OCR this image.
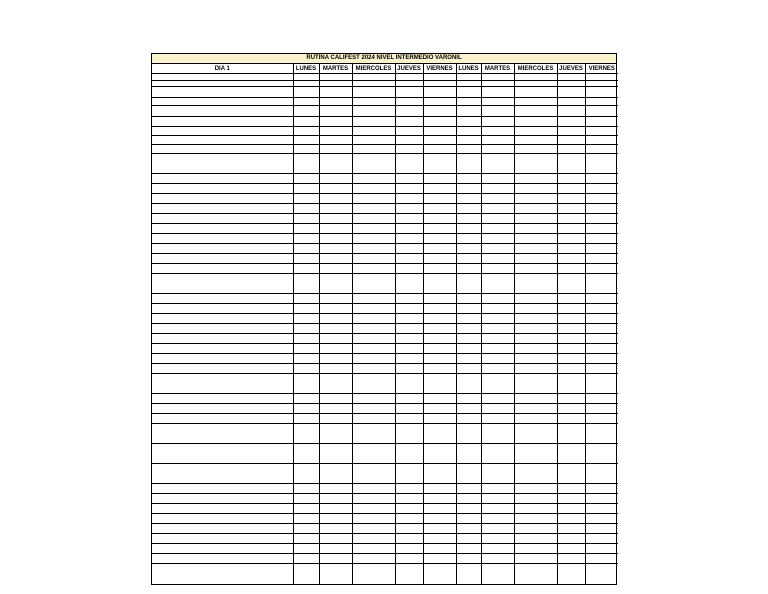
RUTINA CALIFEST 2024 NIVEL INTERMEDIO VARONIL
DIA 1	LUNES	MARTES	MIERCOLES	JUEVES	VIERNES	LUNES	MARTES	MIERCOLES	JUEVES	VIERNES
